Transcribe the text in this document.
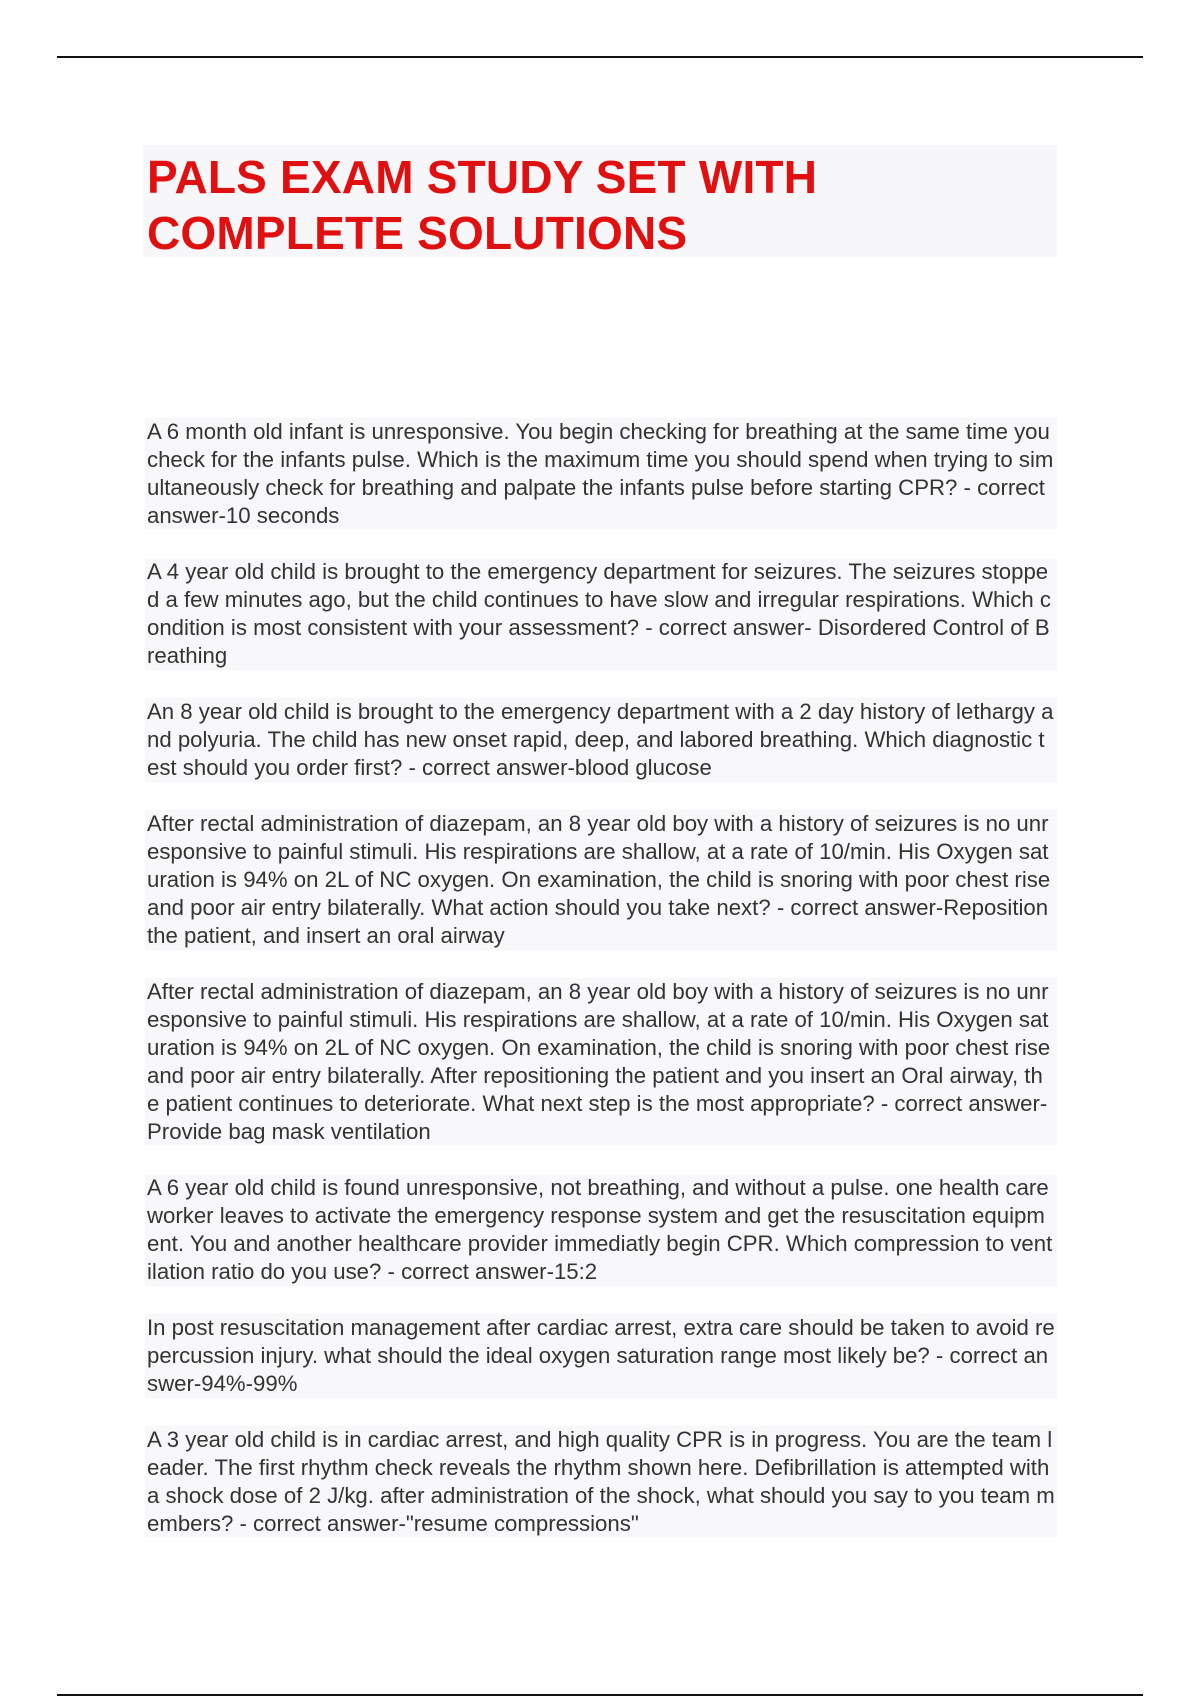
PALS EXAM STUDY SET WITH COMPLETE SOLUTIONS

A 6 month old infant is unresponsive. You begin checking for breathing at the same time you check for the infants pulse. Which is the maximum time you should spend when trying to simultaneously check for breathing and palpate the infants pulse before starting CPR? - correct answer-10 seconds

A 4 year old child is brought to the emergency department for seizures. The seizures stopped a few minutes ago, but the child continues to have slow and irregular respirations. Which condition is most consistent with your assessment? - correct answer- Disordered Control of Breathing

An 8 year old child is brought to the emergency department with a 2 day history of lethargy and polyuria. The child has new onset rapid, deep, and labored breathing. Which diagnostic test should you order first? - correct answer-blood glucose

After rectal administration of diazepam, an 8 year old boy with a history of seizures is no unresponsive to painful stimuli. His respirations are shallow, at a rate of 10/min. His Oxygen saturation is 94% on 2L of NC oxygen. On examination, the child is snoring with poor chest rise and poor air entry bilaterally. What action should you take next? - correct answer-Reposition the patient, and insert an oral airway

After rectal administration of diazepam, an 8 year old boy with a history of seizures is no unresponsive to painful stimuli. His respirations are shallow, at a rate of 10/min. His Oxygen saturation is 94% on 2L of NC oxygen. On examination, the child is snoring with poor chest rise and poor air entry bilaterally. After repositioning the patient and you insert an Oral airway, the patient continues to deteriorate. What next step is the most appropriate? - correct answer-Provide bag mask ventilation

A 6 year old child is found unresponsive, not breathing, and without a pulse. one health care worker leaves to activate the emergency response system and get the resuscitation equipment. You and another healthcare provider immediatly begin CPR. Which compression to ventilation ratio do you use? - correct answer-15:2

In post resuscitation management after cardiac arrest, extra care should be taken to avoid repercussion injury. what should the ideal oxygen saturation range most likely be? - correct answer-94%-99%

A 3 year old child is in cardiac arrest, and high quality CPR is in progress. You are the team leader. The first rhythm check reveals the rhythm shown here. Defibrillation is attempted with a shock dose of 2 J/kg. after administration of the shock, what should you say to you team members? - correct answer-"resume compressions"
